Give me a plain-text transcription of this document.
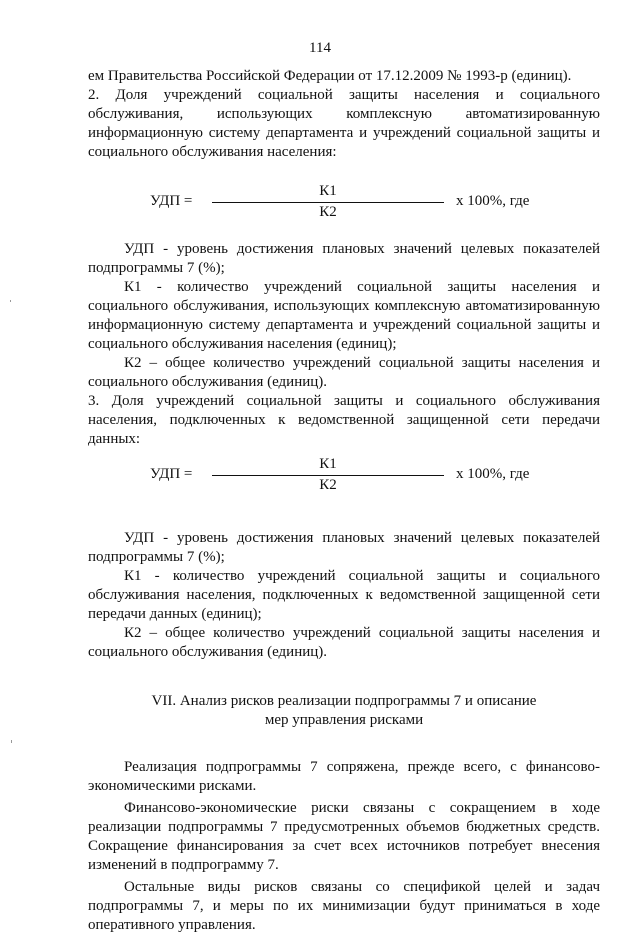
114

ем Правительства Российской Федерации от 17.12.2009 № 1993-р (единиц).

2. Доля учреждений социальной защиты населения и социального обслуживания, использующих комплексную автоматизированную информационную систему департамента и учреждений социальной защиты и социального обслуживания населения:

УДП =
К1
К2
х 100%, где

УДП - уровень достижения плановых значений целевых показателей подпрограммы 7 (%);

К1 - количество учреждений социальной защиты населения и социального обслуживания, использующих комплексную автоматизированную информационную систему департамента и учреждений социальной защиты и социального обслуживания населения (единиц);

К2 – общее количество учреждений социальной защиты населения и социального обслуживания (единиц).

3. Доля учреждений социальной защиты и социального обслуживания населения, подключенных к ведомственной защищенной сети передачи данных:

УДП =
К1
К2
х 100%, где

УДП - уровень достижения плановых значений целевых показателей подпрограммы 7 (%);

К1 - количество учреждений социальной защиты и социального обслуживания населения, подключенных к ведомственной защищенной сети передачи данных (единиц);

К2 – общее количество учреждений социальной защиты населения и социального обслуживания (единиц).

VII. Анализ рисков реализации подпрограммы 7 и описание
мер управления рисками

Реализация подпрограммы 7 сопряжена, прежде всего, с финансово-экономическими рисками.

Финансово-экономические риски связаны с сокращением в ходе реализации подпрограммы 7 предусмотренных объемов бюджетных средств. Сокращение финансирования за счет всех источников потребует внесения изменений в подпрограмму 7.

Остальные виды рисков связаны со спецификой целей и задач подпрограммы 7, и меры по их минимизации будут приниматься в ходе оперативного управления.
